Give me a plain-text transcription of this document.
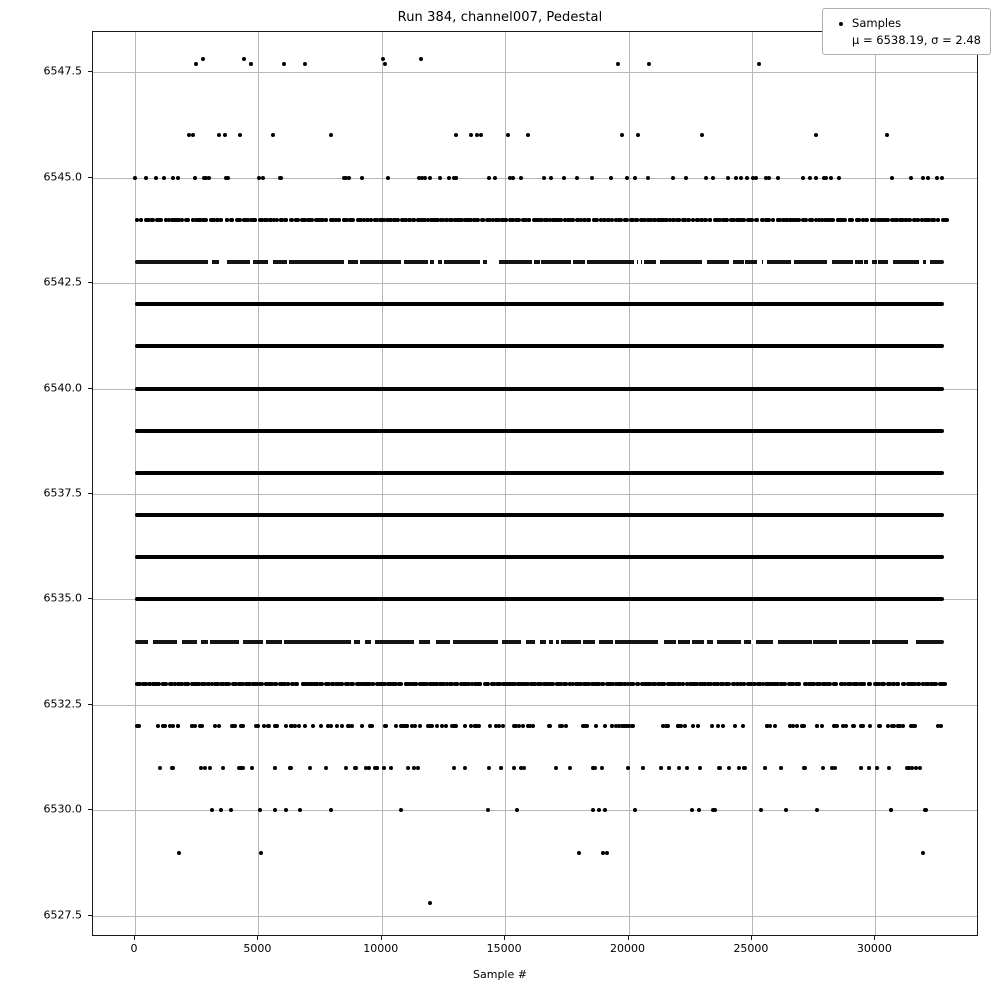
Run 384, channel007, Pedestal
0	5000	10000	15000	20000	25000	30000
6527.5
6530.0
6532.5
6535.0
6537.5
6540.0
6542.5
6545.0
6547.5
Sample #
Samples
μ = 6538.19, σ = 2.48
